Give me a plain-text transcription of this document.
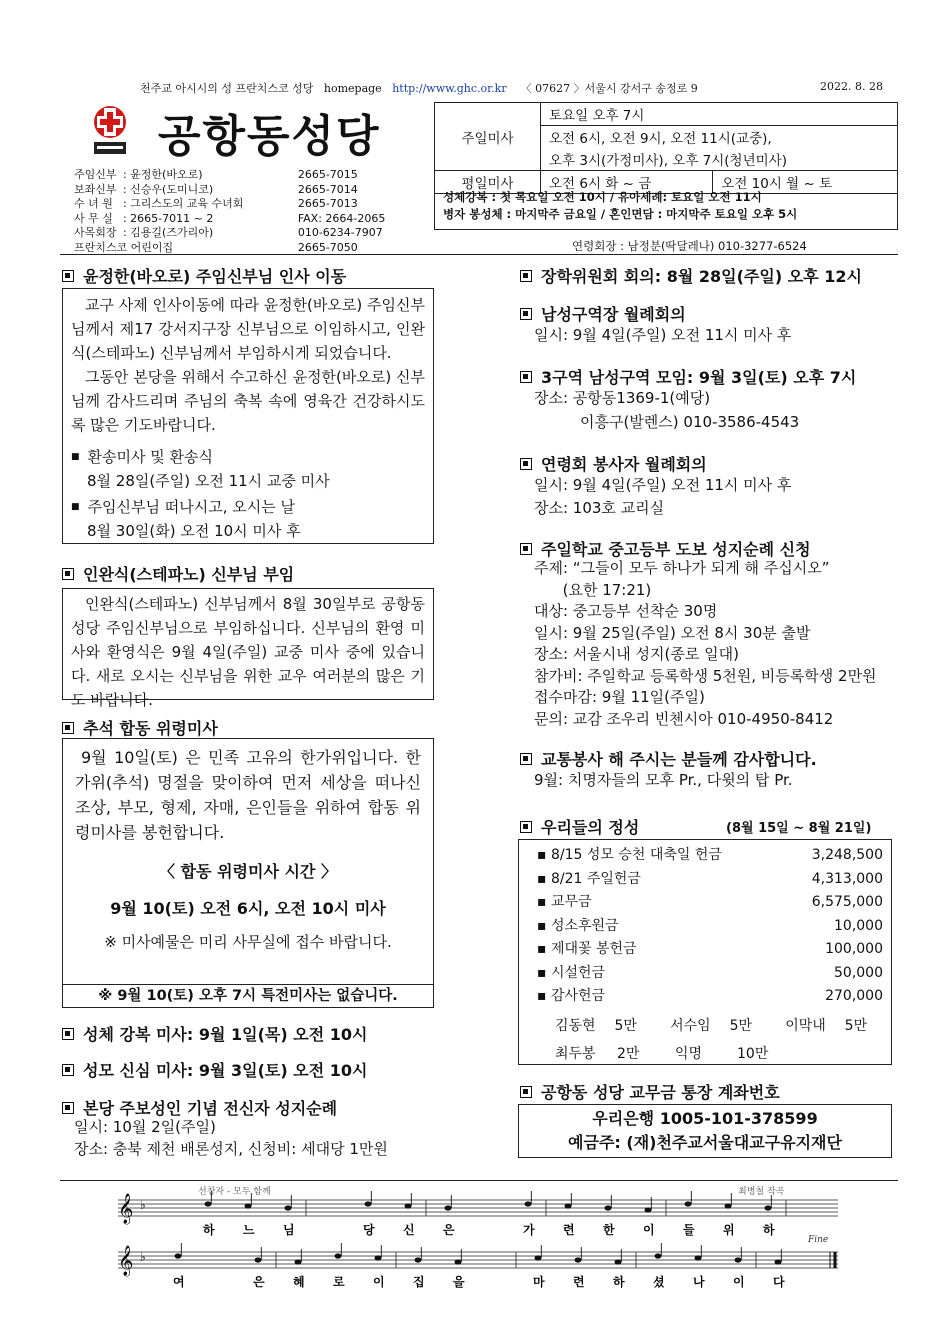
천주교 아시시의 성 프란치스코 성당 homepage http://www.ghc.or.kr 〈 07627 〉서울시 강서구 송정로 9	2022. 8. 28
공항동성당
주임신부 : 윤정한(바오로)	2665-7015
보좌신부 : 신승우(도미니코)	2665-7014
수 녀 원 : 그리스도의 교육 수녀회	2665-7013
사 무 실 : 2665-7011 ~ 2	FAX: 2664-2065
사목회장 : 김용길(즈가리아)	010-6234-7907
프란치스코 어린이집	2665-7050
주일미사	토요일 오후 7시	
	오전 6시, 오전 9시, 오전 11시(교중),	
	오후 3시(가정미사), 오후 7시(청년미사)	
평일미사	오전 6시 화 ~ 금	오전 10시 월 ~ 토
성체강복 : 첫 목요일 오전 10시 / 유아세례: 토요일 오전 11시
병자 봉성체 : 마지막주 금요일 / 혼인면담 : 마지막주 토요일 오후 5시
연령회장 : 남정분(딱달레나) 010-3277-6524
윤정한(바오로) 주임신부님 인사 이동
교구 사제 인사이동에 따라 윤정한(바오로) 주임신부님께서 제17 강서지구장 신부님으로 이임하시고, 인완식(스테파노) 신부님께서 부임하시게 되었습니다.
그동안 본당을 위해서 수고하신 윤정한(바오로) 신부님께 감사드리며 주님의 축복 속에 영육간 건강하시도록 많은 기도바랍니다.
■ 환송미사 및 환송식
8월 28일(주일) 오전 11시 교중 미사
■ 주임신부님 떠나시고, 오시는 날
8월 30일(화) 오전 10시 미사 후
인완식(스테파노) 신부님 부임
인완식(스테파노) 신부님께서 8월 30일부로 공항동 성당 주임신부님으로 부임하십니다. 신부님의 환영 미사와 환영식은 9월 4일(주일) 교중 미사 중에 있습니다. 새로 오시는 신부님을 위한 교우 여러분의 많은 기도 바랍니다.
추석 합동 위령미사
9월 10일(토) 은 민족 고유의 한가위입니다. 한가위(추석) 명절을 맞이하여 먼저 세상을 떠나신 조상, 부모, 형제, 자매, 은인들을 위하여 합동 위령미사를 봉헌합니다.
〈 합동 위령미사 시간 〉
9월 10(토) 오전 6시, 오전 10시 미사
※ 미사예물은 미리 사무실에 접수 바랍니다.
※ 9월 10(토) 오후 7시 특전미사는 없습니다.
성체 강복 미사: 9월 1일(목) 오전 10시
성모 신심 미사: 9월 3일(토) 오전 10시
본당 주보성인 기념 전신자 성지순례
일시: 10월 2일(주일)
장소: 충북 제천 배론성지, 신청비: 세대당 1만원
장학위원회 회의: 8월 28일(주일) 오후 12시
남성구역장 월례회의
일시: 9월 4일(주일) 오전 11시 미사 후
3구역 남성구역 모임: 9월 3일(토) 오후 7시
장소: 공항동1369-1(예당)
이흥구(발렌스) 010-3586-4543
연령회 봉사자 월례회의
일시: 9월 4일(주일) 오전 11시 미사 후
장소: 103호 교리실
주일학교 중고등부 도보 성지순례 신청
주제: “그들이 모두 하나가 되게 해 주십시오”
(요한 17:21)
대상: 중고등부 선착순 30명
일시: 9월 25일(주일) 오전 8시 30분 출발
장소: 서울시내 성지(종로 일대)
참가비: 주일학교 등록학생 5천원, 비등록학생 2만원
접수마감: 9월 11일(주일)
문의: 교감 조우리 빈첸시아 010-4950-8412
교통봉사 해 주시는 분들께 감사합니다.
9월: 치명자들의 모후 Pr., 다윗의 탑 Pr.
우리들의 정성	(8월 15일 ~ 8월 21일)
▪ 8/15 성모 승천 대축일 헌금	3,248,500
▪ 8/21 주일헌금	4,313,000
▪ 교무금	6,575,000
▪ 성소후원금	10,000
▪ 제대꽃 봉헌금	100,000
▪ 시설헌금	50,000
▪ 감사헌금	270,000
김동현	5만	서수임	5만	이막내	5만
최두봉	2만	익명	10만
공항동 성당 교무금 통장 계좌번호
우리은행 1005-101-378599
예금주: (재)천주교서울대교구유지재단
선창자 - 모두 함께	최병철 작곡
Fine
𝄞 ♭
하 느 님	당 신 은	가 련 한 이 들 위 하
𝄞 ♭
여	은 혜 로 이 집 을	마 련 하 셨 나 이 다
